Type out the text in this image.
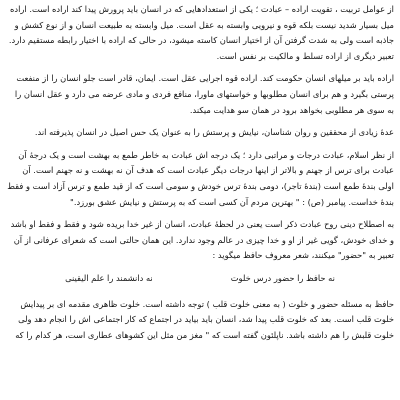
از عوامل تربیت ، تقویت اراده – عبادت ؛ یکی از استعدادهایی که در انسان باید پرورش پیدا کند اراده است. اراده
میل بسیار شدید نیست بلکه قوه و نیرویی وابسته به عقل است. میل وابسته به طبیعت انسان و از نوع کشش و
جاذبه است ولی به شدت گرفتن آن از اختیار انسان کاسته میشود، در حالی که اراده با اختیار رابطه مستقیم دارد.
تعبیر دیگری از اراده تسلط و مالکیت بر نفس است.

اراده باید بر میلهای انسان حکومت کند. اراده قوه اجرایی عقل است. ایمان، قادر است جلو انسان را از منفعت
پرستی بگیرد و هم برای انسان مطلوبها و خواستهای ماورا، منافع فردی و مادی عرضه می دارد و عقل انسان را
به سوی هر مطلوبی بخواهد برود در همان سو هدایت میکند.

عدهٔ زیادی از محققین و روان شناسان، نیایش و پرستش را به عنوان یک حس اصیل در انسان پذیرفته اند.

از نظر اسلام، عبادت درجات و مراتبی دارد ؛ یک درجه اش عبادت به خاطر طمع به بهشت است و یک درجهٔ آن
عبادت برای ترس از جهنم و بالاتر از اینها درجات دیگر عبادت است که هدف آن نه بهشت و نه جهنم است. آن
اولی بندهٔ طمع است (بندهٔ تاجر)، دومی بندهٔ ترس خودش و سومی است که از قید طمع و ترس آزاد است و فقط
بندهٔ خداست. پیامبر (ص) : " بهترین مردم آن کسی است که به پرستش و نیایش عشق بورزد."

به اصطلاح دینی روح عبادت ذکر است یعنی در لحظهٔ عبادت، انسان از غیر خدا بریده شود و فقط و فقط او باشد
و خدای خودش، گویی غیر از او و خدا چیزی در عالم وجود ندارد. این همان حالتی است که شعرای عرفانی از آن
تعبیر به "حضور" میکنند، شعر معروف حافظ میگوید :

نه حافظ را حضور درس خلوت
نه دانشمند را علم الیقینی

حافظ به مسئله حضور و خلوت ( به معنی خلوت قلب ) توجه داشته است. خلوت ظاهری مقدمه ای بر پیدایش
خلوت قلب است. بعد که خلوت قلب پیدا شد، انسان باید بیاید در اجتماع که کار اجتماعی اش را انجام دهد ولی
خلوت قلبش را هم داشته باشد. ناپلئون گفته است که " مغز من مثل این کشوهای عطاری است، هر کدام را که
